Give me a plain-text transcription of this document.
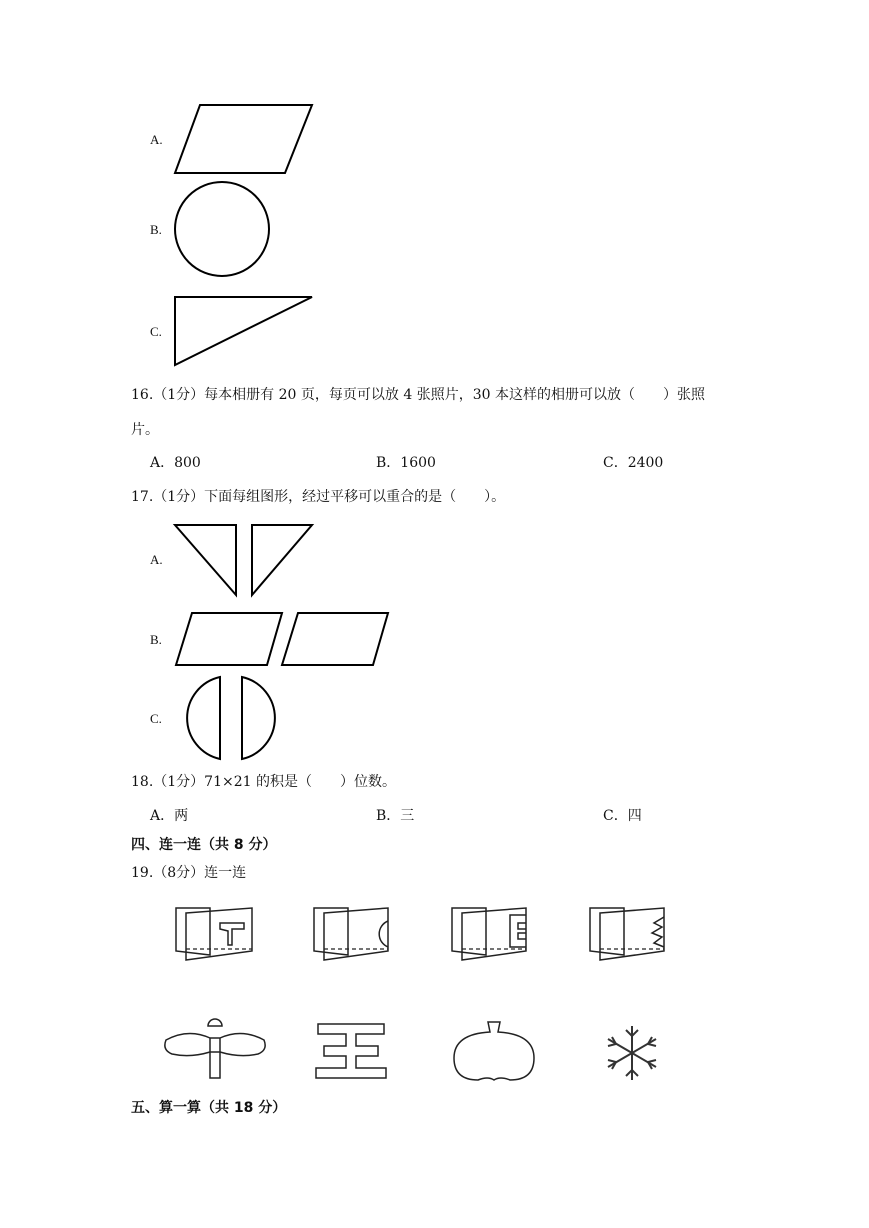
A.
B.
C.
16.（1分）每本相册有 20 页，每页可以放 4 张照片，30 本这样的相册可以放（　　）张照
片。
A．800	B．1600	C．2400
17.（1分）下面每组图形，经过平移可以重合的是（　　）。
A.
B.
C.
18.（1分）71×21 的积是（　　）位数。
A．两	B．三	C．四
四、连一连（共 8 分）
19.（8分）连一连
五、算一算（共 18 分）
